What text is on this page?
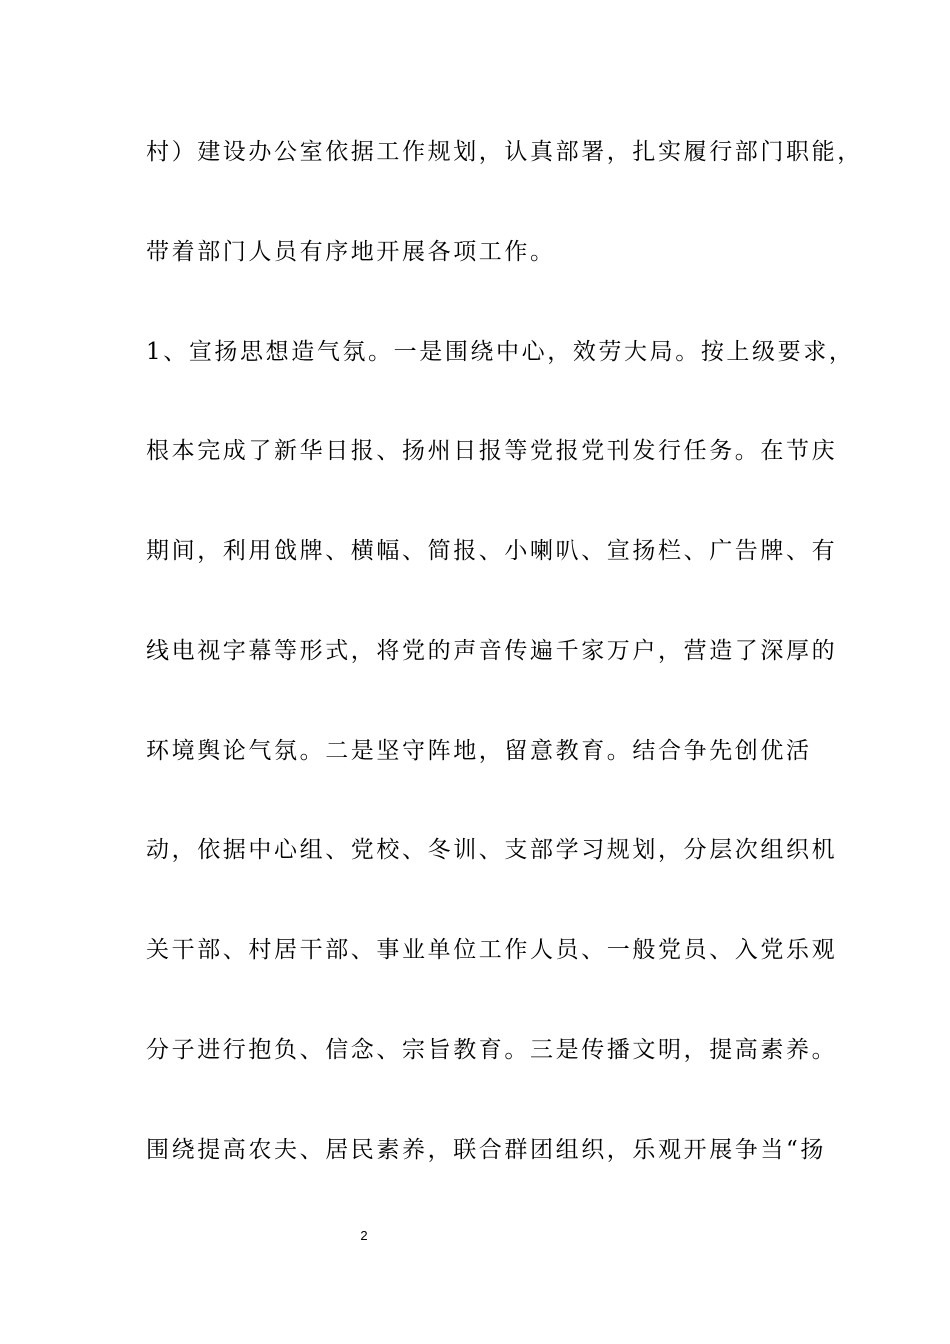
村）建设办公室依据工作规划，认真部署，扎实履行部门职能，
带着部门人员有序地开展各项工作。
1、宣扬思想造气氛。一是围绕中心，效劳大局。按上级要求，
根本完成了新华日报、扬州日报等党报党刊发行任务。在节庆
期间，利用戗牌、横幅、简报、小喇叭、宣扬栏、广告牌、有
线电视字幕等形式，将党的声音传遍千家万户，营造了深厚的
环境舆论气氛。二是坚守阵地，留意教育。结合争先创优活
动，依据中心组、党校、冬训、支部学习规划，分层次组织机
关干部、村居干部、事业单位工作人员、一般党员、入党乐观
分子进行抱负、信念、宗旨教育。三是传播文明，提高素养。
围绕提高农夫、居民素养，联合群团组织，乐观开展争当“扬
2
